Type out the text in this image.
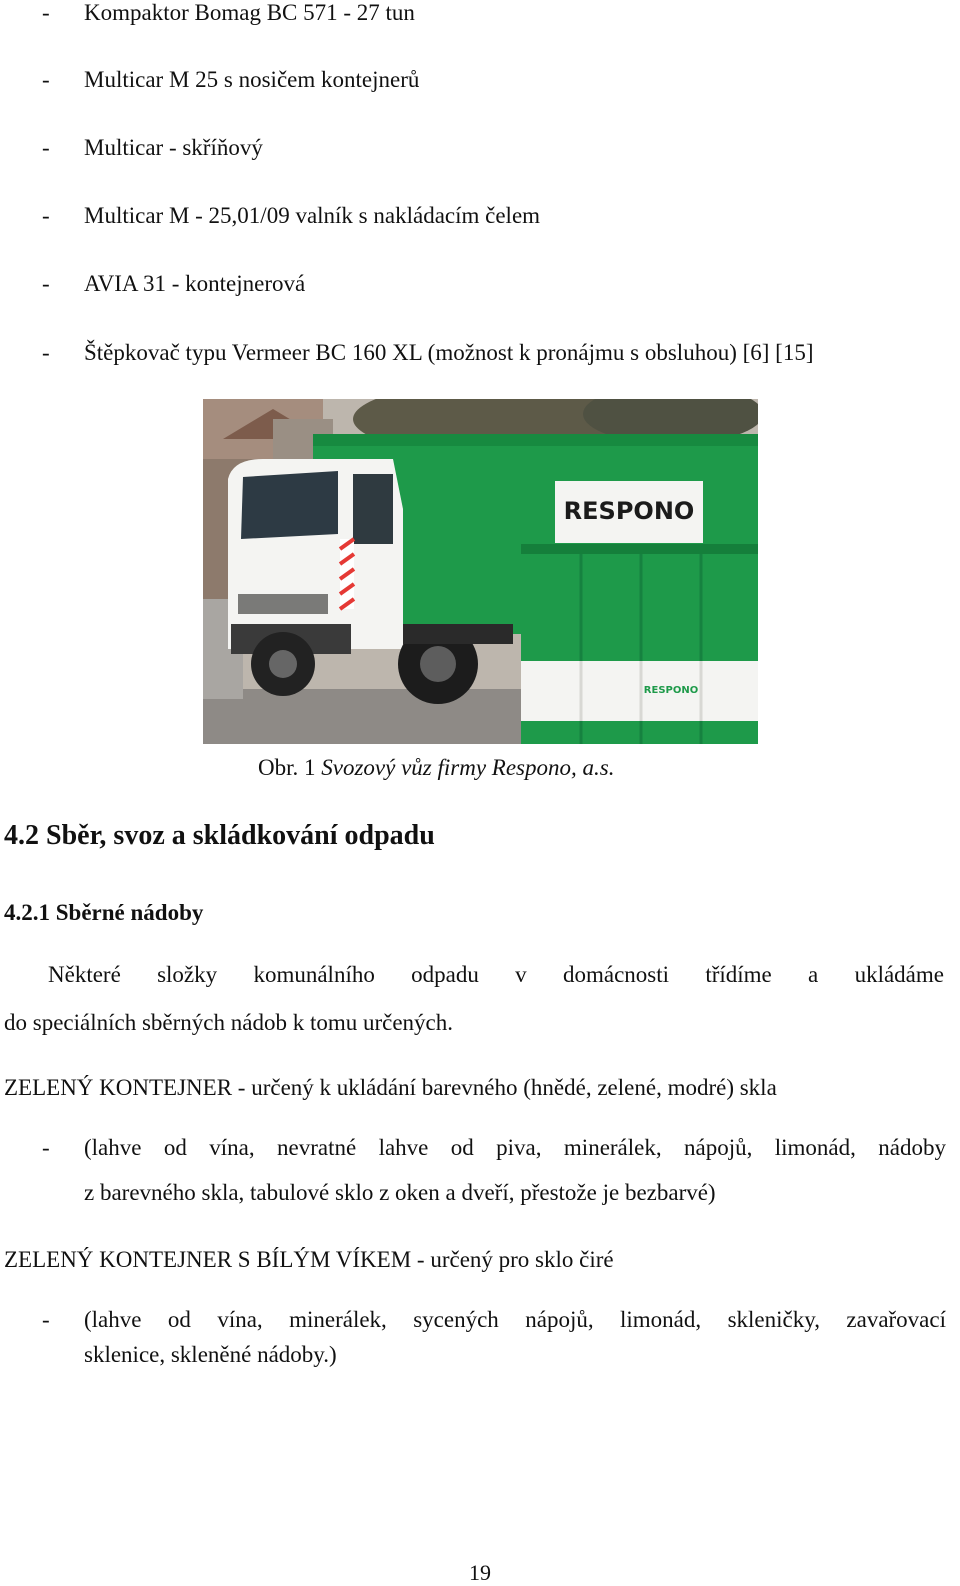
- Kompaktor Bomag BC 571 - 27 tun
- Multicar M 25 s nosičem kontejnerů
- Multicar - skříňový
- Multicar M - 25,01/09 valník s nakládacím čelem
- AVIA 31 - kontejnerová
- Štěpkovač typu Vermeer BC 160 XL (možnost k pronájmu s obsluhou) [6] [15]
RESPONO
RESPONO
Obr. 1 Svozový vůz firmy Respono, a.s.
4.2 Sběr, svoz a skládkování odpadu
4.2.1 Sběrné nádoby
Některé složky komunálního odpadu v domácnosti třídíme a ukládáme
do speciálních sběrných nádob k tomu určených.
ZELENÝ KONTEJNER - určený k ukládání barevného (hnědé, zelené, modré) skla
- (lahve od vína, nevratné lahve od piva, minerálek, nápojů, limonád, nádoby
z barevného skla, tabulové sklo z oken a dveří, přestože je bezbarvé)
ZELENÝ KONTEJNER S BÍLÝM VÍKEM - určený pro sklo čiré
- (lahve od vína, minerálek, sycených nápojů, limonád, skleničky, zavařovací
sklenice, skleněné nádoby.)
19
